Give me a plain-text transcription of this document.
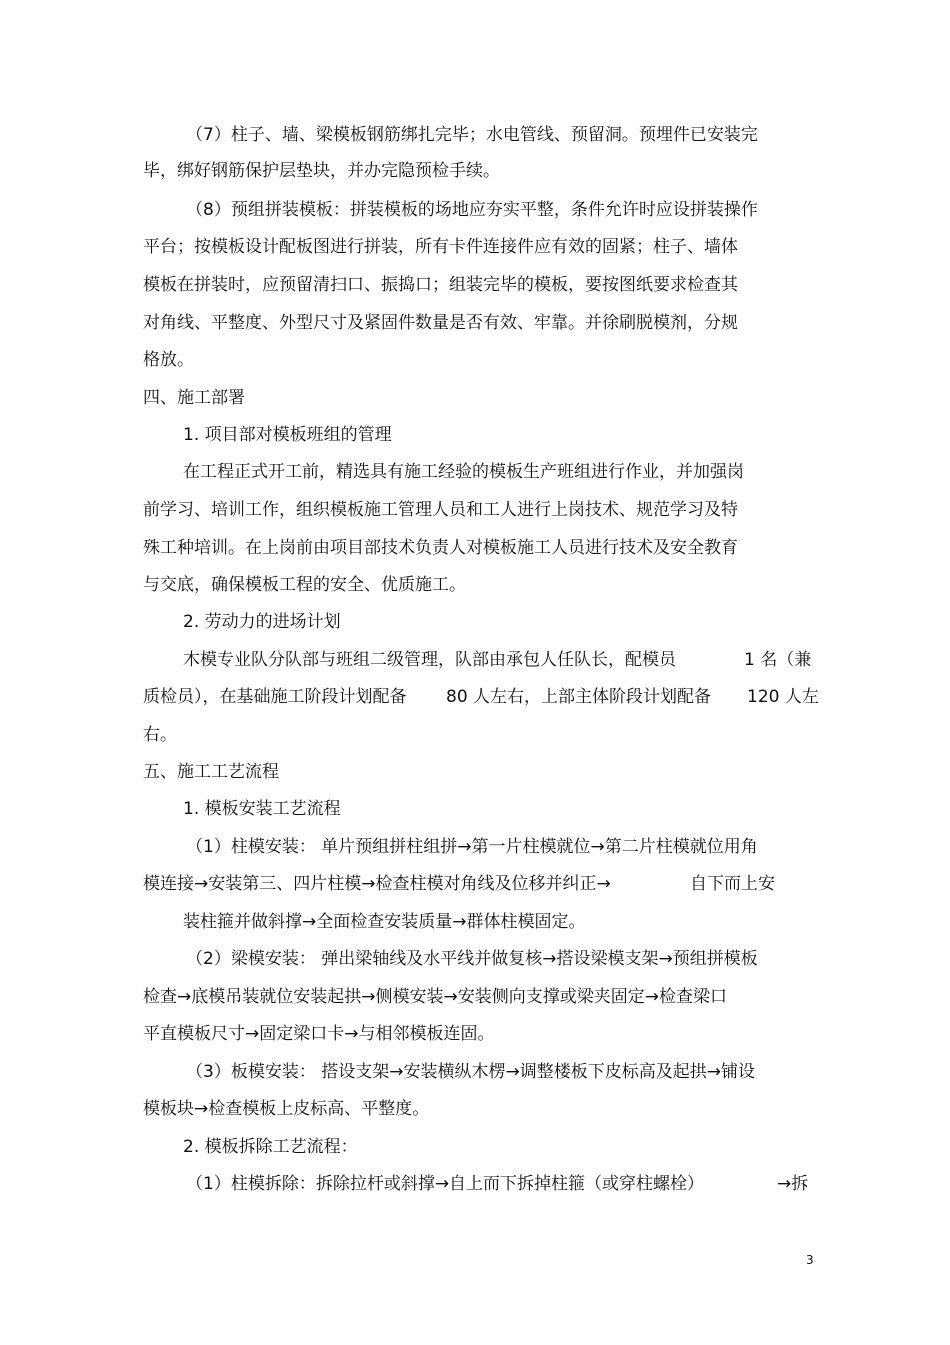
（7）柱子、墙、梁模板钢筋绑扎完毕；水电管线、预留洞。预埋件已安装完
毕，绑好钢筋保护层垫块，并办完隐预检手续。
（8）预组拼装模板：拼装模板的场地应夯实平整，条件允许时应设拼装操作
平台；按模板设计配板图进行拼装，所有卡件连接件应有效的固紧；柱子、墙体
模板在拼装时，应预留清扫口、振捣口；组装完毕的模板，要按图纸要求检查其
对角线、平整度、外型尺寸及紧固件数量是否有效、牢靠。并徐刷脱模剂，分规
格放。
四、施工部署
1. 项目部对模板班组的管理
在工程正式开工前，精选具有施工经验的模板生产班组进行作业，并加强岗
前学习、培训工作，组织模板施工管理人员和工人进行上岗技术、规范学习及特
殊工种培训。在上岗前由项目部技术负责人对模板施工人员进行技术及安全教育
与交底，确保模板工程的安全、优质施工。
2. 劳动力的进场计划
木模专业队分队部与班组二级管理，队部由承包人任队长，配模员	1 名（兼
质检员），在基础施工阶段计划配备 80 人左右，上部主体阶段计划配备 120 人左
右。
五、施工工艺流程
1. 模板安装工艺流程
（1）柱模安装： 单片预组拼柱组拼→第一片柱模就位→第二片柱模就位用角
模连接→安装第三、四片柱模→检查柱模对角线及位移并纠正→	自下而上安
装柱箍并做斜撑→全面检查安装质量→群体柱模固定。
（2）梁模安装： 弹出梁轴线及水平线并做复核→搭设梁模支架→预组拼模板
检查→底模吊装就位安装起拱→侧模安装→安装侧向支撑或梁夹固定→检查梁口
平直模板尺寸→固定梁口卡→与相邻模板连固。
（3）板模安装： 搭设支架→安装横纵木楞→调整楼板下皮标高及起拱→铺设
模板块→检查模板上皮标高、平整度。
2. 模板拆除工艺流程：
（1）柱模拆除：拆除拉杆或斜撑→自上而下拆掉柱箍（或穿柱螺栓）	→拆
3
